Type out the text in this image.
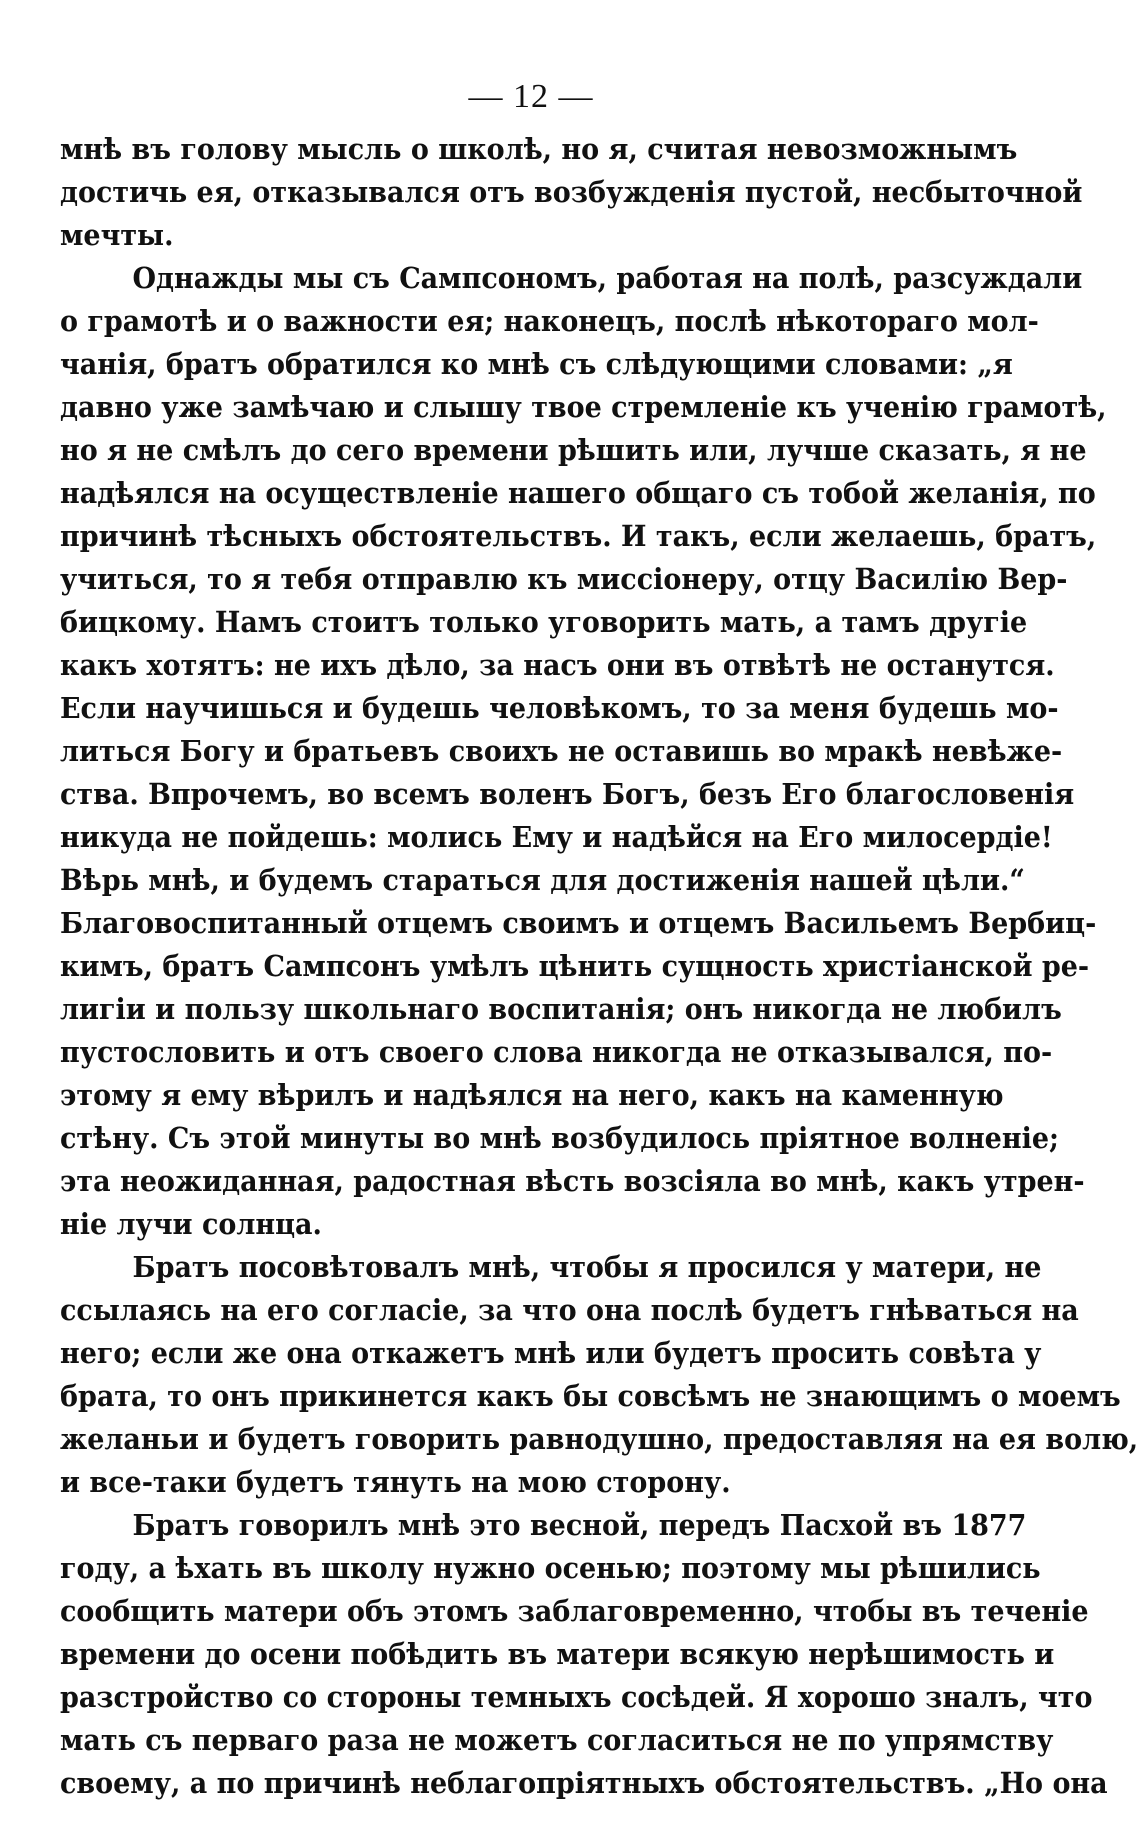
— 12 —
мнѣ въ голову мысль о школѣ, но я, считая невозможнымъ
достичь ея, отказывался отъ возбужденія пустой, несбыточной
мечты.
Однажды мы съ Сампсономъ, работая на полѣ, разсуждали
о грамотѣ и о важности ея; наконецъ, послѣ нѣкотораго мол-
чанія, братъ обратился ко мнѣ съ слѣдующими словами: „я
давно уже замѣчаю и слышу твое стремленіе къ ученію грамотѣ,
но я не смѣлъ до сего времени рѣшить или, лучше сказать, я не
надѣялся на осуществленіе нашего общаго съ тобой желанія, по
причинѣ тѣсныхъ обстоятельствъ. И такъ, если желаешь, братъ,
учиться, то я тебя отправлю къ миссіонеру, отцу Василію Вер-
бицкому. Намъ стоитъ только уговорить мать, а тамъ другіе
какъ хотятъ: не ихъ дѣло, за насъ они въ отвѣтѣ не останутся.
Если научишься и будешь человѣкомъ, то за меня будешь мо-
литься Богу и братьевъ своихъ не оставишь во мракѣ невѣже-
ства. Впрочемъ, во всемъ воленъ Богъ, безъ Его благословенія
никуда не пойдешь: молись Ему и надѣйся на Его милосердіе!
Вѣрь мнѣ, и будемъ стараться для достиженія нашей цѣли.“
Благовоспитанный отцемъ своимъ и отцемъ Васильемъ Вербиц-
кимъ, братъ Сампсонъ умѣлъ цѣнить сущность христіанской ре-
лигіи и пользу школьнаго воспитанія; онъ никогда не любилъ
пустословить и отъ своего слова никогда не отказывался, по-
этому я ему вѣрилъ и надѣялся на него, какъ на каменную
стѣну. Съ этой минуты во мнѣ возбудилось пріятное волненіе;
эта неожиданная, радостная вѣсть возсіяла во мнѣ, какъ утрен-
ніе лучи солнца.
Братъ посовѣтовалъ мнѣ, чтобы я просился у матери, не
ссылаясь на его согласіе, за что она послѣ будетъ гнѣваться на
него; если же она откажетъ мнѣ или будетъ просить совѣта у
брата, то онъ прикинется какъ бы совсѣмъ не знающимъ о моемъ
желаньи и будетъ говорить равнодушно, предоставляя на ея волю,
и все-таки будетъ тянуть на мою сторону.
Братъ говорилъ мнѣ это весной, передъ Пасхой въ 1877
году, а ѣхать въ школу нужно осенью; поэтому мы рѣшились
сообщить матери объ этомъ заблаговременно, чтобы въ теченіе
времени до осени побѣдить въ матери всякую нерѣшимость и
разстройство со стороны темныхъ сосѣдей. Я хорошо зналъ, что
мать съ перваго раза не можетъ согласиться не по упрямству
своему, а по причинѣ неблагопріятныхъ обстоятельствъ. „Но она
